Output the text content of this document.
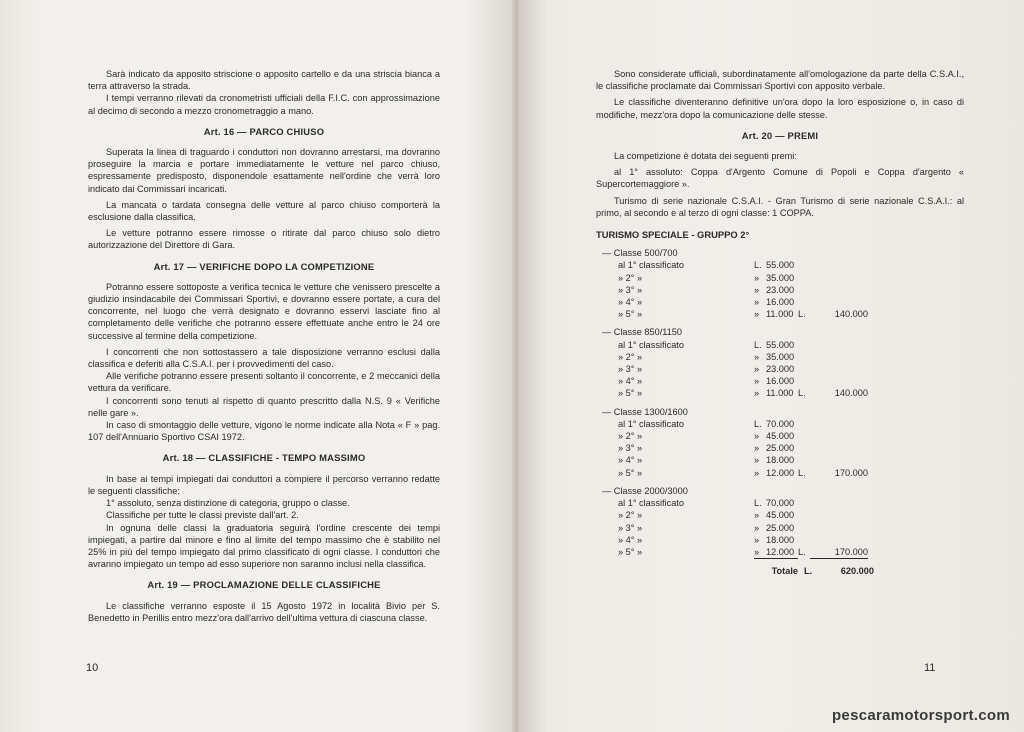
Sarà indicato da apposito striscione o apposito cartello e da una striscia bianca a terra attraverso la strada.

I tempi verranno rilevati da cronometristi ufficiali della F.I.C. con approssimazione al decimo di secondo a mezzo cronometraggio a mano.

Art. 16 — PARCO CHIUSO

Superata la linea di traguardo i conduttori non dovranno arrestarsi, ma dovranno proseguire la marcia e portare immediatamente le vetture nel parco chiuso, espressamente predisposto, disponendole esattamente nell'ordine che verrà loro indicato dai Commissari incaricati.

La mancata o tardata consegna delle vetture al parco chiuso comporterà la esclusione dalla classifica.

Le vetture potranno essere rimosse o ritirate dal parco chiuso solo dietro autorizzazione del Direttore di Gara.

Art. 17 — VERIFICHE DOPO LA COMPETIZIONE

Potranno essere sottoposte a verifica tecnica le vetture che venissero prescelte a giudizio insindacabile dei Commissari Sportivi, e dovranno essere portate, a cura del concorrente, nel luogo che verrà designato e dovranno esservi lasciate fino al completamento delle verifiche che potranno essere effettuate anche entro le 24 ore successive al termine della competizione.

I concorrenti che non sottostassero a tale disposizione verranno esclusi dalla classifica e deferiti alla C.S.A.I. per i provvedimenti del caso.

Alle verifiche potranno essere presenti soltanto il concorrente, e 2 meccanici della vettura da verificare.

I concorrenti sono tenuti al rispetto di quanto prescritto dalla N.S. 9 « Verifiche nelle gare ».

In caso di smontaggio delle vetture, vigono le norme indicate alla Nota « F » pag. 107 dell'Annuario Sportivo CSAI 1972.

Art. 18 — CLASSIFICHE - TEMPO MASSIMO

In base ai tempi impiegati dai conduttori a compiere il percorso verranno redatte le seguenti classifiche:

1° assoluto, senza distinzione di categoria, gruppo o classe.

Classifiche per tutte le classi previste dall'art. 2.

In ognuna delle classi la graduatoria seguirà l'ordine crescente dei tempi impiegati, a partire dal minore e fino al limite del tempo massimo che è stabilito nel 25% in più del tempo impiegato dal primo classificato di ogni classe. I conduttori che avranno impiegato un tempo ad esso superiore non saranno inclusi nella classifica.

Art. 19 — PROCLAMAZIONE DELLE CLASSIFICHE

Le classifiche verranno esposte il 15 Agosto 1972 in località Bivio per S. Benedetto in Perillis entro mezz'ora dall'arrivo dell'ultima vettura di ciascuna classe.

10

Sono considerate ufficiali, subordinatamente all'omologazione da parte della C.S.A.I., le classifiche proclamate dai Commissari Sportivi con apposito verbale.

Le classifiche diventeranno definitive un'ora dopo la loro esposizione o, in caso di modifiche, mezz'ora dopo la comunicazione delle stesse.

Art. 20 — PREMI

La competizione è dotata dei seguenti premi:

al 1° assoluto: Coppa d'Argento Comune di Popoli e Coppa d'argento « Supercortemaggiore ».

Turismo di serie nazionale C.S.A.I. - Gran Turismo di serie nazionale C.S.A.I.: al primo, al secondo e al terzo di ogni classe: 1 COPPA.

TURISMO SPECIALE - GRUPPO 2°
— Classe 500/700
	al 1° classificato		L. 55.000		
	» 2° »		» 35.000		
	» 3° »		» 23.000		
	» 4° »		» 16.000		
	» 5° »		» 11.000	L.	140.000
— Classe 850/1150
	al 1° classificato		L. 55.000		
	» 2° »		» 35.000		
	» 3° »		» 23.000		
	» 4° »		» 16.000		
	» 5° »		» 11.000	L.	140.000
— Classe 1300/1600
	al 1° classificato		L. 70.000		
	» 2° »		» 45.000		
	» 3° »		» 25.000		
	» 4° »		» 18.000		
	» 5° »		» 12.000	L.	170.000
— Classe 2000/3000
	al 1° classificato		L. 70.000		
	» 2° »		» 45.000		
	» 3° »		» 25.000		
	» 4° »		» 18.000		
	» 5° »		» 12.000	L.	170.000
			Totale	L.	620.000
11
pescaramotorsport.com
